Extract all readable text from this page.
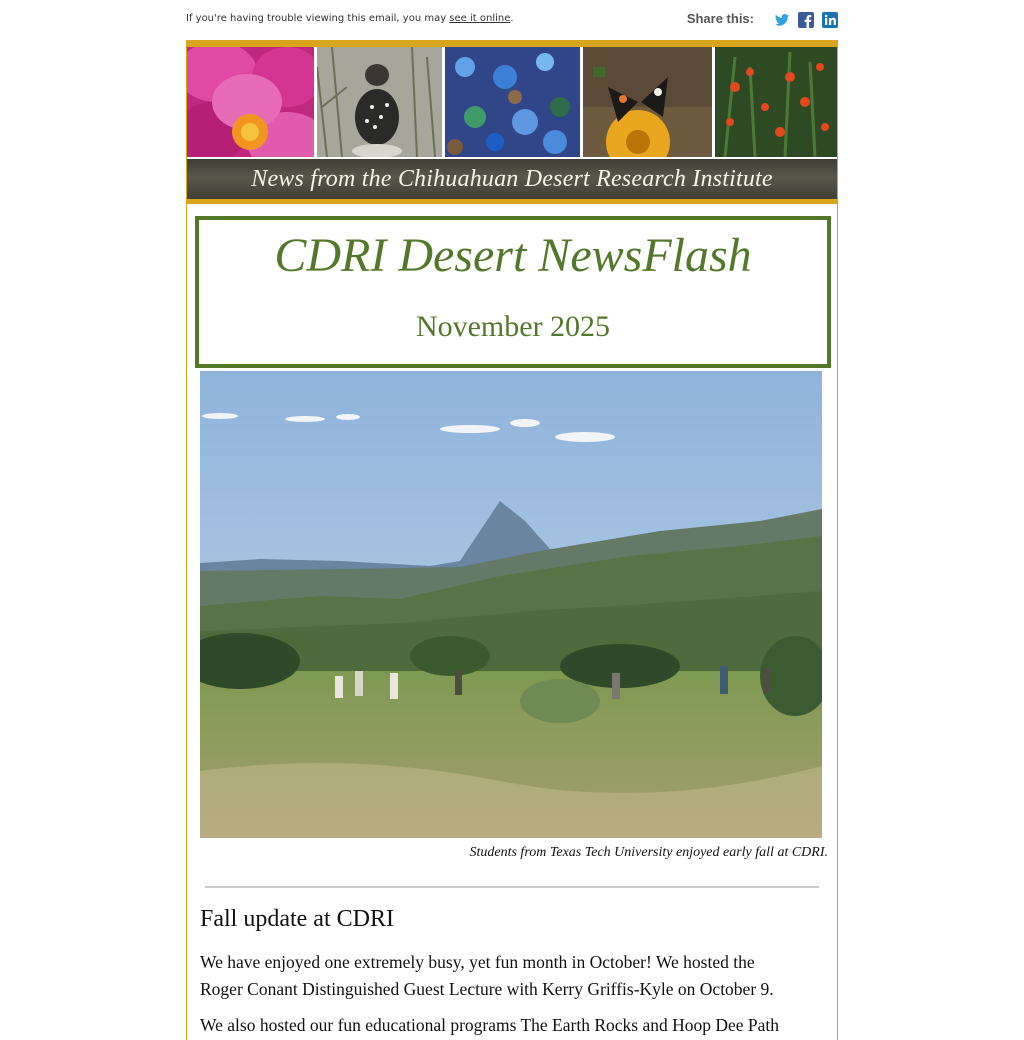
If you're having trouble viewing this email, you may see it online.	Share this:
News from the Chihuahuan Desert Research Institute
CDRI Desert NewsFlash
November 2025
Students from Texas Tech University enjoyed early fall at CDRI.
Fall update at CDRI
We have enjoyed one extremely busy, yet fun month in October! We hosted the
Roger Conant Distinguished Guest Lecture with Kerry Griffis-Kyle on October 9.
We also hosted our fun educational programs The Earth Rocks and Hoop Dee Path
